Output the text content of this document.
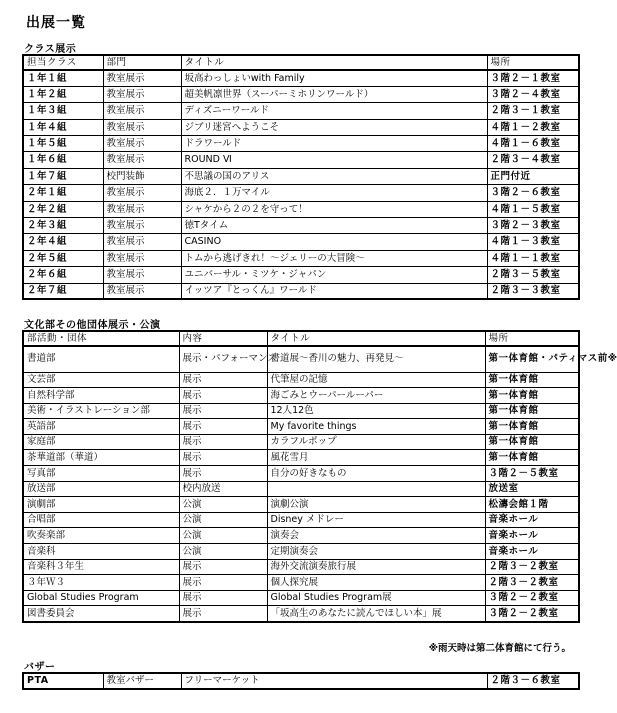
出展一覧
クラス展示
担当クラス	部門	タイトル	場所
１年１組	教室展示	坂高わっしょいwith Family	３階２－１教室
１年２組	教室展示	超美帆凛世界（スーパーミホリンワールド）	３階２－４教室
１年３組	教室展示	ディズニーワールド	２階３－１教室
１年４組	教室展示	ジブリ迷宮へようこそ	４階１－２教室
１年５組	教室展示	ドラワールド	４階１－６教室
１年６組	教室展示	ROUND Ⅵ	２階３－４教室
１年７組	校門装飾	不思議の国のアリス	正門付近
２年１組	教室展示	海底２．１万マイル	３階２－６教室
２年２組	教室展示	シャケから２の２を守って！	４階１－５教室
２年３組	教室展示	徳Tタイム	３階２－３教室
２年４組	教室展示	CASINO	４階１－３教室
２年５組	教室展示	トムから逃げきれ！～ジェリーの大冒険～	４階１－１教室
２年６組	教室展示	ユニバーサル・ミツケ・ジャパン	２階３－５教室
２年７組	教室展示	イッツア『とっくん』ワールド	２階３－３教室
文化部その他団体展示・公演
部活動・団体	内容	タイトル	場所
書道部	展示・パフォーマンス	書道展～香川の魅力、再発見～	第一体育館・パティマス前※
文芸部	展示	代筆屋の記憶	第一体育館
自然科学部	展示	海ごみとウーパールーパー	第一体育館
美術・イラストレーション部	展示	12人12色	第一体育館
英語部	展示	My favorite things	第一体育館
家庭部	展示	カラフルポップ	第一体育館
茶華道部（華道）	展示	風花雪月	第一体育館
写真部	展示	自分の好きなもの	３階２－５教室
放送部	校内放送		放送室
演劇部	公演	演劇公演	松濤会館１階
合唱部	公演	Disney メドレー	音楽ホール
吹奏楽部	公演	演奏会	音楽ホール
音楽科	公演	定期演奏会	音楽ホール
音楽科３年生	展示	海外交流演奏旅行展	２階３－２教室
３年Ｗ３	展示	個人探究展	２階３－２教室
Global Studies Program	展示	Global Studies Program展	３階２－２教室
図書委員会	展示	「坂高生のあなたに読んでほしい本」展	３階２－２教室
※雨天時は第二体育館にて行う。
バザー
PTA	教室バザー	フリーマーケット	２階３－６教室
